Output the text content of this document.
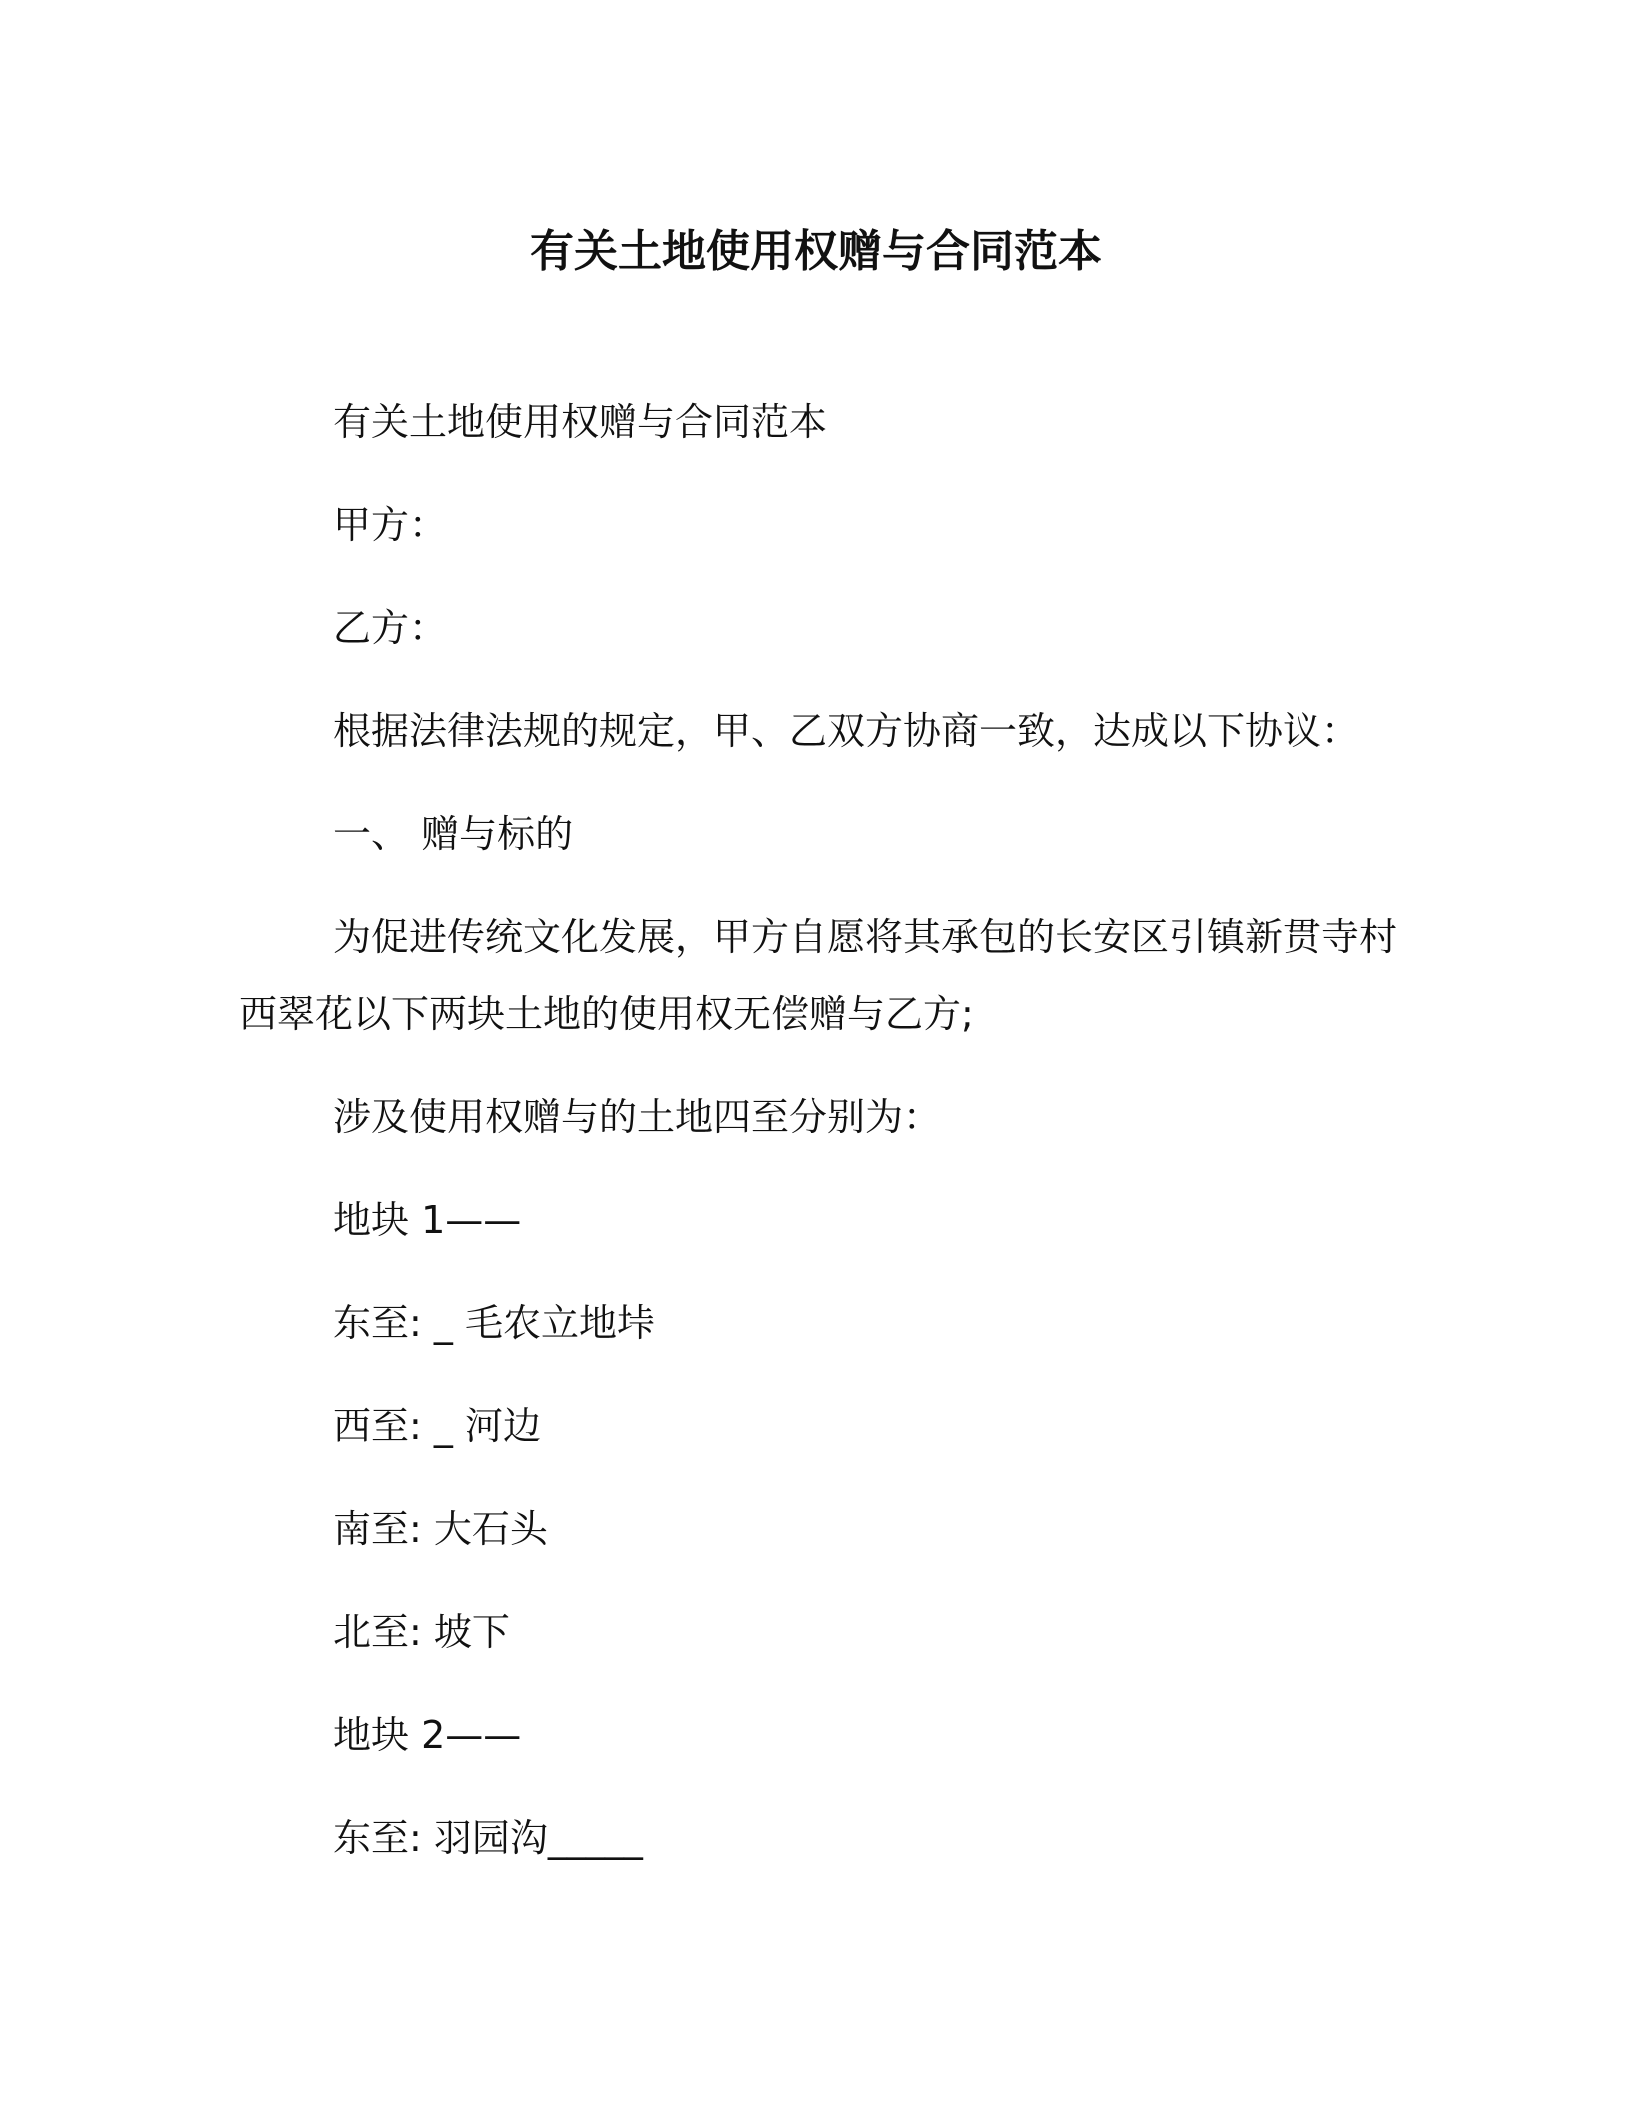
有关土地使用权赠与合同范本
有关土地使用权赠与合同范本
甲方：
乙方：
根据法律法规的规定，甲、乙双方协商一致，达成以下协议：
一、 赠与标的
为促进传统文化发展，甲方自愿将其承包的长安区引镇新贯寺村
西翠花以下两块土地的使用权无偿赠与乙方;
涉及使用权赠与的土地四至分别为：
地块 1——
东至: _ 毛农立地垰
西至: _ 河边
南至: 大石头
北至: 坡下
地块 2——
东至: 羽园沟_____
